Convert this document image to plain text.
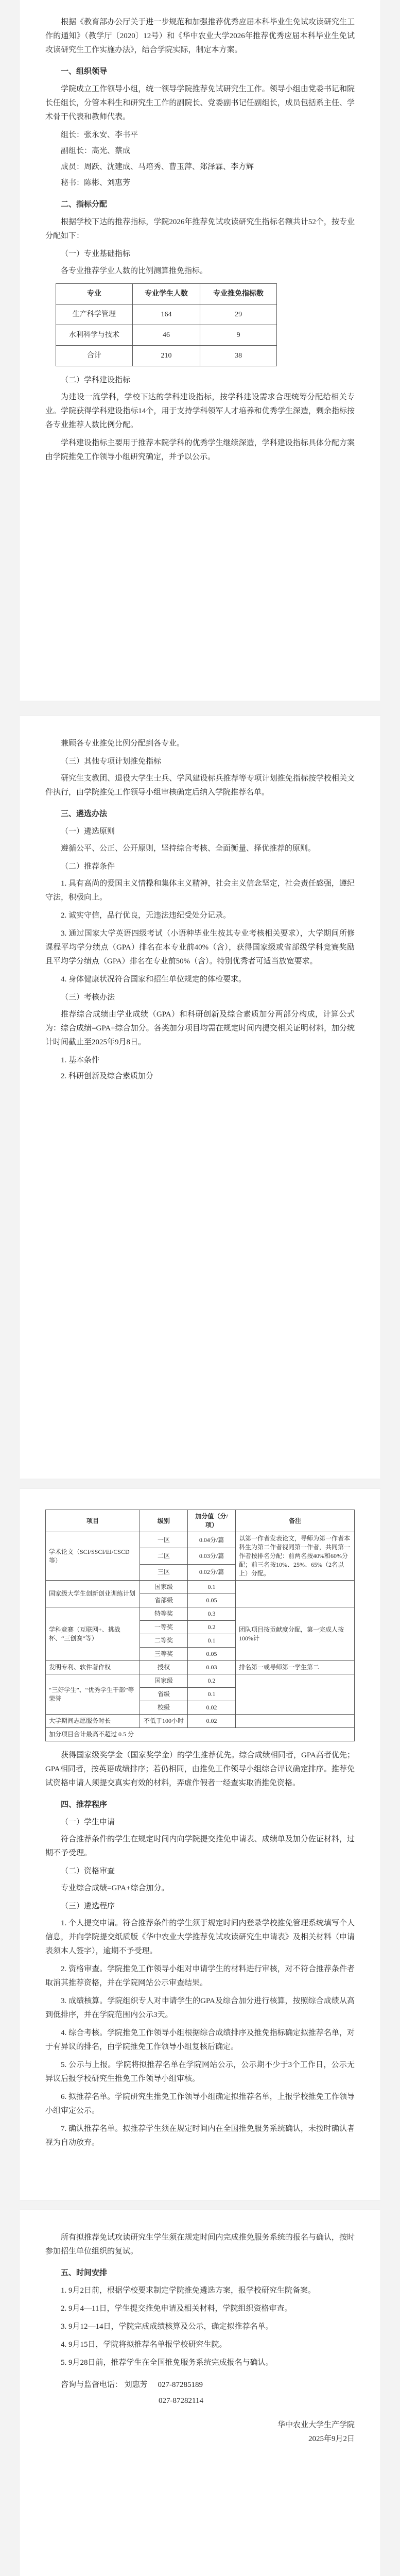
根据《教育部办公厅关于进一步规范和加强推荐优秀应届本科毕业生免试攻读研究生工作的通知》（教学厅〔2020〕12号）和《华中农业大学2026年推荐优秀应届本科毕业生免试攻读研究生工作实施办法》，结合学院实际，制定本方案。

一、组织领导

学院成立工作领导小组，统一领导学院推荐免试研究生工作。领导小组由党委书记和院长任组长，分管本科生和研究生工作的副院长、党委副书记任副组长，成员包括系主任、学术骨干代表和教师代表。

组长：张永安、李书平

副组长：高光、蔡成

成员：周跃、沈建成、马培秀、曹玉萍、郑泽霖、李方辉

秘书：陈彬、刘惠芳

二、指标分配

根据学校下达的推荐指标，学院2026年推荐免试攻读研究生指标名额共计52个，按专业分配如下：

（一）专业基础指标

各专业推荐学业人数的比例测算推免指标。

专业	专业学生人数	专业推免指标数
生产科学管理	164	29
水利科学与技术	46	9
合计	210	38
（二）学科建设指标

为建设一流学科，学校下达的学科建设指标，按学科建设需求合理统筹分配给相关专业。学院获得学科建设指标14个，用于支持学科领军人才培养和优秀学生深造，剩余指标按各专业推荐人数比例分配。

学科建设指标主要用于推荐本院学科的优秀学生继续深造，学科建设指标具体分配方案由学院推免工作领导小组研究确定，并予以公示。

兼顾各专业推免比例分配到各专业。

（三）其他专项计划推免指标

研究生支教团、退役大学生士兵、学风建设标兵推荐等专项计划推免指标按学校相关文件执行，由学院推免工作领导小组审核确定后纳入学院推荐名单。

三、遴选办法
（一）遴选原则

遵循公平、公正、公开原则，坚持综合考核、全面衡量、择优推荐的原则。

（二）推荐条件

1. 具有高尚的爱国主义情操和集体主义精神，社会主义信念坚定，社会责任感强，遵纪守法，积极向上。

2. 诚实守信，品行优良，无违法违纪受处分记录。

3. 通过国家大学英语四级考试（小语种毕业生按其专业考核相关要求），大学期间所修课程平均学分绩点（GPA）排名在本专业前40%（含），获得国家级或省部级学科竞赛奖励且平均学分绩点（GPA）排名在专业前50%（含）。特别优秀者可适当放宽要求。

4. 身体健康状况符合国家和招生单位规定的体检要求。

（三）考核办法

推荐综合成绩由学业成绩（GPA）和科研创新及综合素质加分两部分构成，计算公式为：综合成绩=GPA+综合加分。各类加分项目均需在规定时间内提交相关证明材料，加分统计时间截止至2025年9月8日。

1. 基本条件

2. 科研创新及综合素质加分

项目	级别	加分值（分/项）	备注
学术论文（SCI/SSCI/EI/CSCD等）	一区	0.04分/篇	以第一作者发表论文，导师为第一作者本科生为第二作者视同第一作者，共同第一作者按排名分配：前两名按40%和60%分配；前三名按10%、25%、65%（2名以上）分配。
	二区	0.03分/篇	
	三区	0.02分/篇	
国家级大学生创新创业训练计划	国家级	0.1	
	省部级	0.05	
学科竞赛（互联网+、挑战杯、“三创赛”等）	特等奖	0.3	团队项目按贡献度分配，第一完成人按100%计
	一等奖	0.2	
	二等奖	0.1	
	三等奖	0.05	
发明专利、软件著作权	授权	0.03	排名第一或导师第一学生第二
“三好学生”、“优秀学生干部”等荣誉	国家级	0.2	
	省级	0.1	
	校级	0.02	
大学期间志愿服务时长	不低于100小时	0.02	
加分项目合计最高不超过 0.5 分			

获得国家级奖学金（国家奖学金）的学生推荐优先。综合成绩相同者，GPA高者优先；GPA相同者，按英语成绩排序；若仍相同，由推免工作领导小组综合评议确定排序。推荐免试资格申请人须提交真实有效的材料，弄虚作假者一经查实取消推免资格。

四、推荐程序
（一）学生申请

符合推荐条件的学生在规定时间内向学院提交推免申请表、成绩单及加分佐证材料，过期不予受理。

（二）资格审查

专业综合成绩=GPA+综合加分。

（三）遴选程序

1. 个人提交申请。符合推荐条件的学生须于规定时间内登录学校推免管理系统填写个人信息，并向学院提交纸质版《华中农业大学推荐免试攻读研究生申请表》及相关材料（申请表须本人签字），逾期不予受理。

2. 资格审查。学院推免工作领导小组对申请学生的材料进行审核，对不符合推荐条件者取消其推荐资格，并在学院网站公示审查结果。

3. 成绩核算。学院组织专人对申请学生的GPA及综合加分进行核算，按照综合成绩从高到低排序，并在学院范围内公示3天。

4. 综合考核。学院推免工作领导小组根据综合成绩排序及推免指标确定拟推荐名单，对于有异议的排名，由学院推免工作领导小组复核后确定。

5. 公示与上报。学院将拟推荐名单在学院网站公示，公示期不少于3个工作日，公示无异议后报学校研究生推免工作领导小组审核。

6. 拟推荐名单。学院研究生推免工作领导小组确定拟推荐名单，上报学校推免工作领导小组审定公示。

7. 确认推荐名单。拟推荐学生须在规定时间内在全国推免服务系统确认，未按时确认者视为自动放弃。

所有拟推荐免试攻读研究生学生须在规定时间内完成推免服务系统的报名与确认，按时参加招生单位组织的复试。

五、时间安排

1. 9月2日前，根据学校要求制定学院推免遴选方案，报学校研究生院备案。

2. 9月4—11日，学生提交推免申请及相关材料，学院组织资格审查。

3. 9月12—14日，学院完成成绩核算及公示，确定拟推荐名单。

4. 9月15日，学院将拟推荐名单报学校研究生院。

5. 9月28日前，推荐学生在全国推免服务系统完成报名与确认。

咨询与监督电话： 刘惠芳 027-87285189

027-87282114

华中农业大学生产学院

2025年9月2日
